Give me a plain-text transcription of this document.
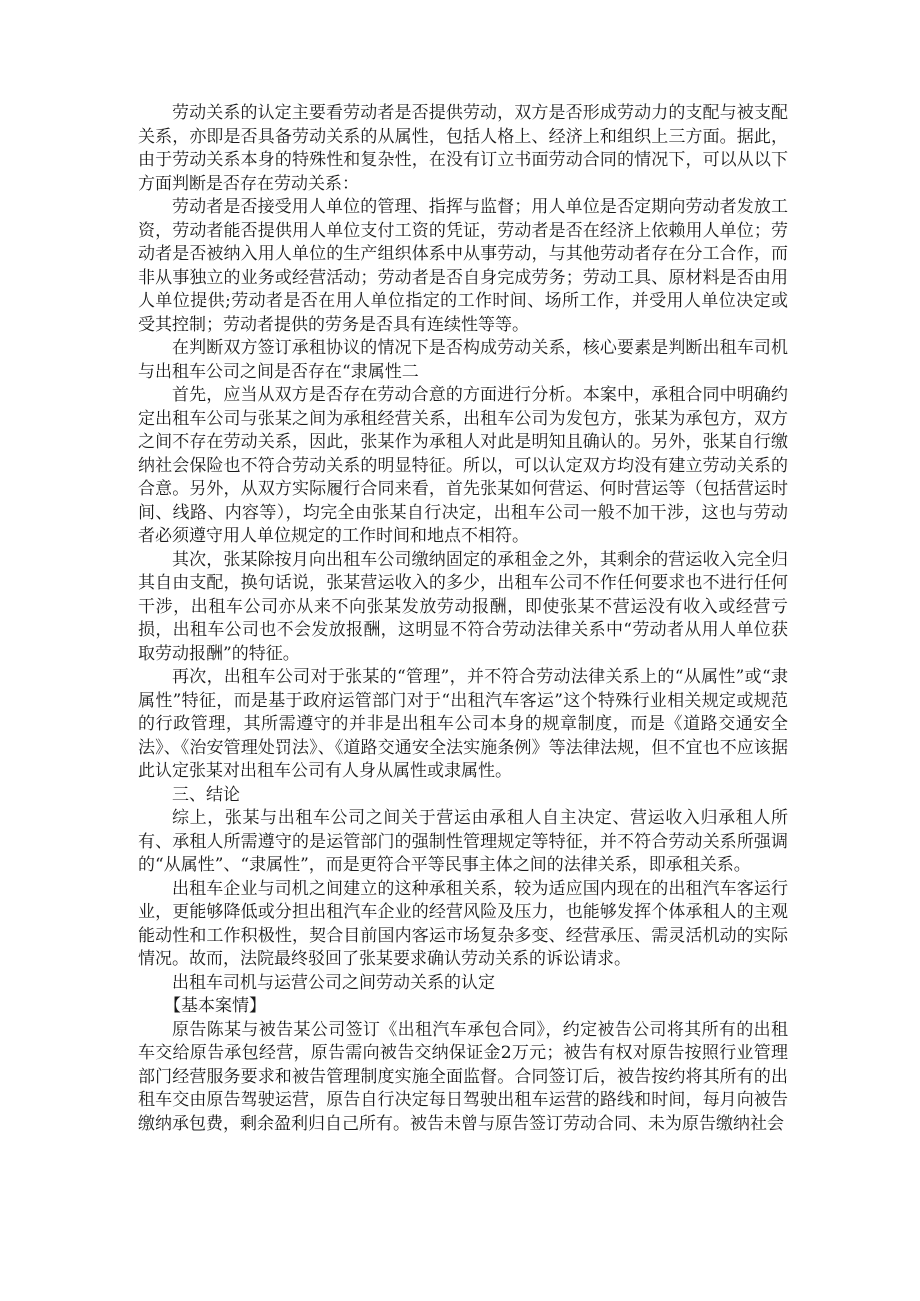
劳动关系的认定主要看劳动者是否提供劳动，双方是否形成劳动力的支配与被支配关系，亦即是否具备劳动关系的从属性，包括人格上、经济上和组织上三方面。据此，由于劳动关系本身的特殊性和复杂性，在没有订立书面劳动合同的情况下，可以从以下方面判断是否存在劳动关系：

劳动者是否接受用人单位的管理、指挥与监督；用人单位是否定期向劳动者发放工资，劳动者能否提供用人单位支付工资的凭证，劳动者是否在经济上依赖用人单位；劳动者是否被纳入用人单位的生产组织体系中从事劳动，与其他劳动者存在分工合作，而非从事独立的业务或经营活动；劳动者是否自身完成劳务；劳动工具、原材料是否由用人单位提供;劳动者是否在用人单位指定的工作时间、场所工作，并受用人单位决定或受其控制；劳动者提供的劳务是否具有连续性等等。

在判断双方签订承租协议的情况下是否构成劳动关系，核心要素是判断出租车司机与出租车公司之间是否存在“隶属性二

首先，应当从双方是否存在劳动合意的方面进行分析。本案中，承租合同中明确约定出租车公司与张某之间为承租经营关系，出租车公司为发包方，张某为承包方，双方之间不存在劳动关系，因此，张某作为承租人对此是明知且确认的。另外，张某自行缴纳社会保险也不符合劳动关系的明显特征。所以，可以认定双方均没有建立劳动关系的合意。另外，从双方实际履行合同来看，首先张某如何营运、何时营运等（包括营运时间、线路、内容等），均完全由张某自行决定，出租车公司一般不加干涉，这也与劳动者必须遵守用人单位规定的工作时间和地点不相符。

其次，张某除按月向出租车公司缴纳固定的承租金之外，其剩余的营运收入完全归其自由支配，换句话说，张某营运收入的多少，出租车公司不作任何要求也不进行任何干涉，出租车公司亦从来不向张某发放劳动报酬，即使张某不营运没有收入或经营亏损，出租车公司也不会发放报酬，这明显不符合劳动法律关系中“劳动者从用人单位获取劳动报酬”的特征。

再次，出租车公司对于张某的“管理”，并不符合劳动法律关系上的“从属性”或“隶属性”特征，而是基于政府运管部门对于“出租汽车客运”这个特殊行业相关规定或规范的行政管理，其所需遵守的并非是出租车公司本身的规章制度，而是《道路交通安全法》、《治安管理处罚法》、《道路交通安全法实施条例》等法律法规，但不宜也不应该据此认定张某对出租车公司有人身从属性或隶属性。

三、结论

综上，张某与出租车公司之间关于营运由承租人自主决定、营运收入归承租人所有、承租人所需遵守的是运管部门的强制性管理规定等特征，并不符合劳动关系所强调的“从属性”、“隶属性”，而是更符合平等民事主体之间的法律关系，即承租关系。

出租车企业与司机之间建立的这种承租关系，较为适应国内现在的出租汽车客运行业，更能够降低或分担出租汽车企业的经营风险及压力，也能够发挥个体承租人的主观能动性和工作积极性，契合目前国内客运市场复杂多变、经营承压、需灵活机动的实际情况。故而，法院最终驳回了张某要求确认劳动关系的诉讼请求。

出租车司机与运营公司之间劳动关系的认定

【基本案情】

原告陈某与被告某公司签订《出租汽车承包合同》，约定被告公司将其所有的出租车交给原告承包经营，原告需向被告交纳保证金2万元；被告有权对原告按照行业管理部门经营服务要求和被告管理制度实施全面监督。合同签订后，被告按约将其所有的出租车交由原告驾驶运营，原告自行决定每日驾驶出租车运营的路线和时间，每月向被告缴纳承包费，剩余盈利归自己所有。被告未曾与原告签订劳动合同、未为原告缴纳社会
